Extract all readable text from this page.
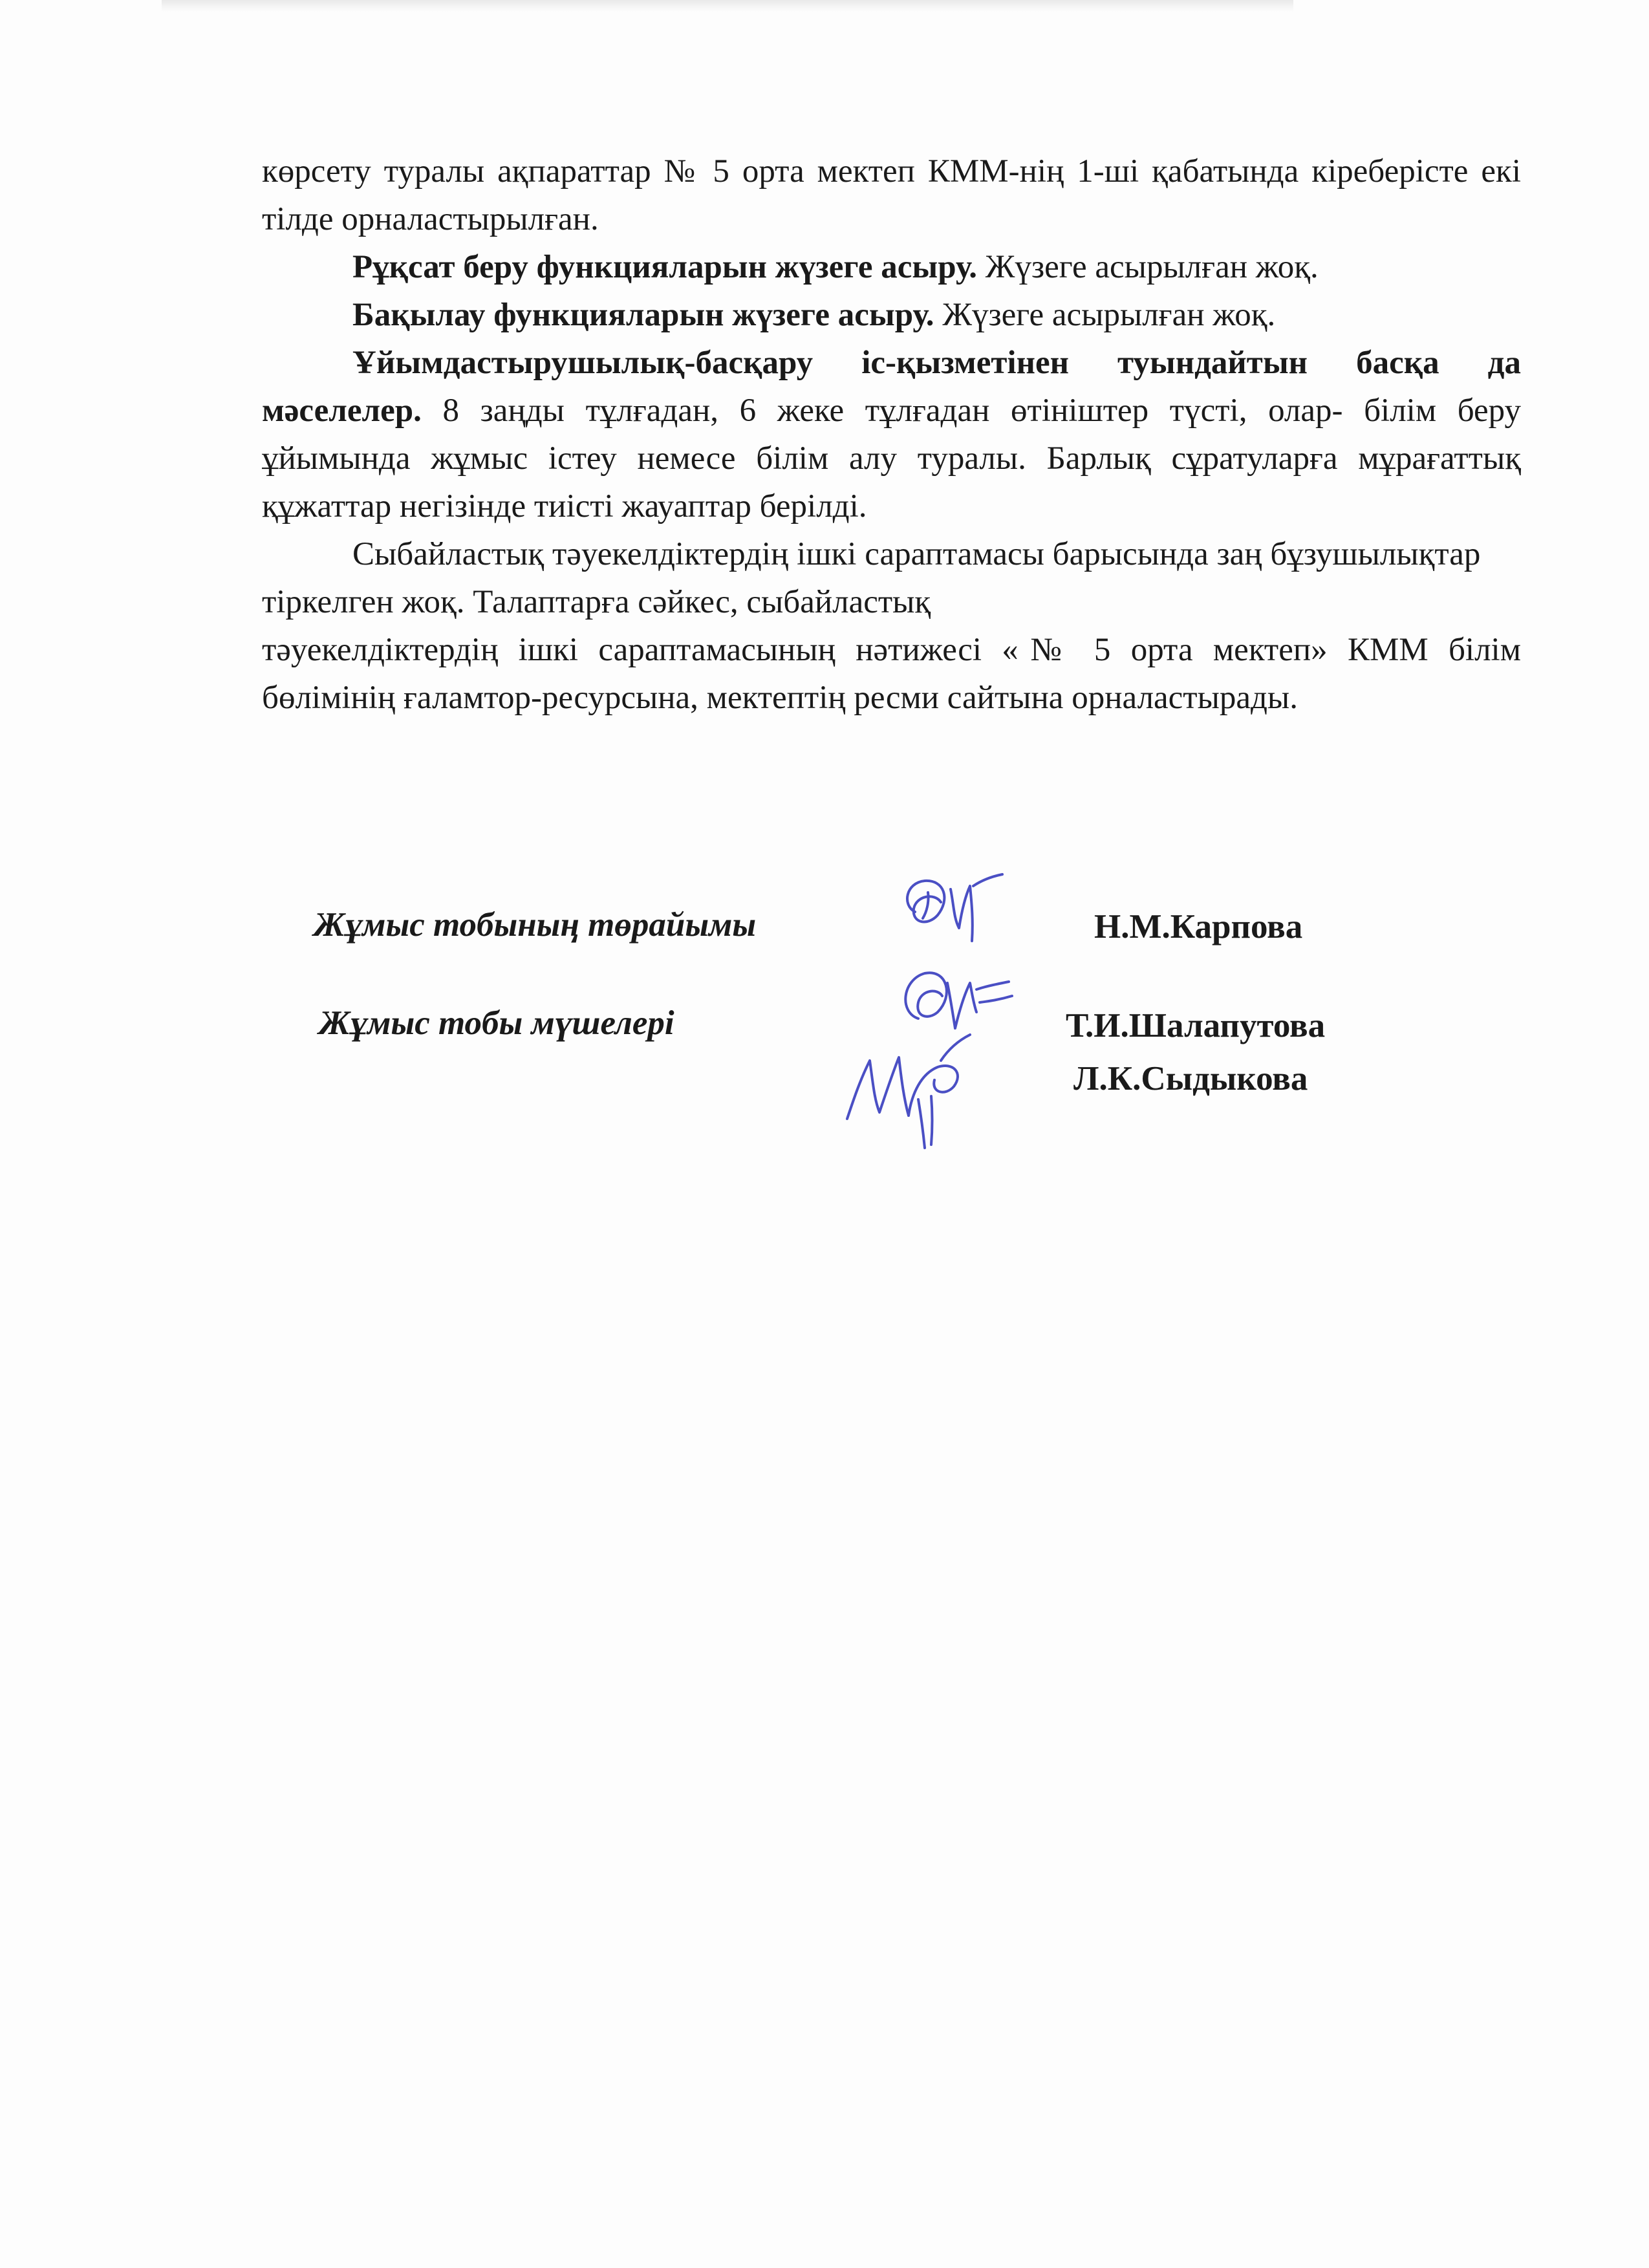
көрсету туралы ақпараттар № 5 орта мектеп КММ-нің 1-ші қабатында кіреберісте екі тілде орналастырылған.

Рұқсат беру функцияларын жүзеге асыру. Жүзеге асырылған жоқ.

Бақылау функцияларын жүзеге асыру. Жүзеге асырылған жоқ.

Ұйымдастырушылық-басқару іс-қызметінен туындайтын басқа да мәселелер. 8 заңды тұлғадан, 6 жеке тұлғадан өтініштер түсті, олар- білім беру ұйымында жұмыс істеу немесе білім алу туралы. Барлық сұратуларға мұрағаттық құжаттар негізінде тиісті жауаптар берілді.

Сыбайластық тәуекелдіктердің ішкі сараптамасы барысында заң бұзушылықтар тіркелген жоқ. Талаптарға сәйкес, сыбайластық

тәуекелдіктердің ішкі сараптамасының нәтижесі «№ 5 орта мектеп» КММ білім бөлімінің ғаламтор-ресурсына, мектептің ресми сайтына орналастырады.

Жұмыс тобының төрайымы	Н.М.Карпова
Жұмыс тобы мүшелері	Т.И.Шалапутова
Л.К.Сыдыкова
